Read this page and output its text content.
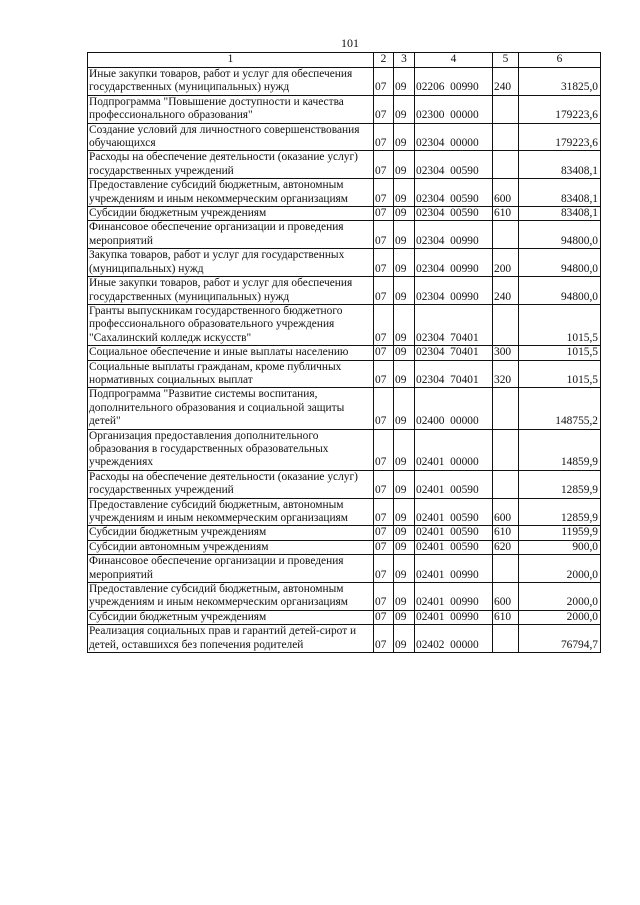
101
1	2	3	4	5	6
Иные закупки товаров, работ и услуг для обеспечения государственных (муниципальных) нужд	07	09	02206  00990	240	31825,0
Подпрограмма "Повышение доступности и качества профессионального образования"	07	09	02300  00000		179223,6
Создание условий для личностного совершенствования обучающихся	07	09	02304  00000		179223,6
Расходы на обеспечение деятельности (оказание услуг) государственных учреждений	07	09	02304  00590		83408,1
Предоставление субсидий бюджетным, автономным учреждениям и иным некоммерческим организациям	07	09	02304  00590	600	83408,1
Субсидии бюджетным учреждениям	07	09	02304  00590	610	83408,1
Финансовое обеспечение организации и проведения мероприятий	07	09	02304  00990		94800,0
Закупка товаров, работ и услуг для государственных (муниципальных) нужд	07	09	02304  00990	200	94800,0
Иные закупки товаров, работ и услуг для обеспечения государственных (муниципальных) нужд	07	09	02304  00990	240	94800,0
Гранты выпускникам государственного бюджетного профессионального образовательного учреждения "Сахалинский колледж искусств"	07	09	02304  70401		1015,5
Социальное обеспечение и иные выплаты населению	07	09	02304  70401	300	1015,5
Социальные выплаты гражданам, кроме публичных нормативных социальных выплат	07	09	02304  70401	320	1015,5
Подпрограмма "Развитие системы воспитания, дополнительного образования и социальной защиты детей"	07	09	02400  00000		148755,2
Организация предоставления дополнительного образования в государственных образовательных учреждениях	07	09	02401  00000		14859,9
Расходы на обеспечение деятельности (оказание услуг) государственных учреждений	07	09	02401  00590		12859,9
Предоставление субсидий бюджетным, автономным учреждениям и иным некоммерческим организациям	07	09	02401  00590	600	12859,9
Субсидии бюджетным учреждениям	07	09	02401  00590	610	11959,9
Субсидии автономным учреждениям	07	09	02401  00590	620	900,0
Финансовое обеспечение организации и проведения мероприятий	07	09	02401  00990		2000,0
Предоставление субсидий бюджетным, автономным учреждениям и иным некоммерческим организациям	07	09	02401  00990	600	2000,0
Субсидии бюджетным учреждениям	07	09	02401  00990	610	2000,0
Реализация социальных прав и гарантий детей-сирот и детей, оставшихся без попечения родителей	07	09	02402  00000		76794,7
